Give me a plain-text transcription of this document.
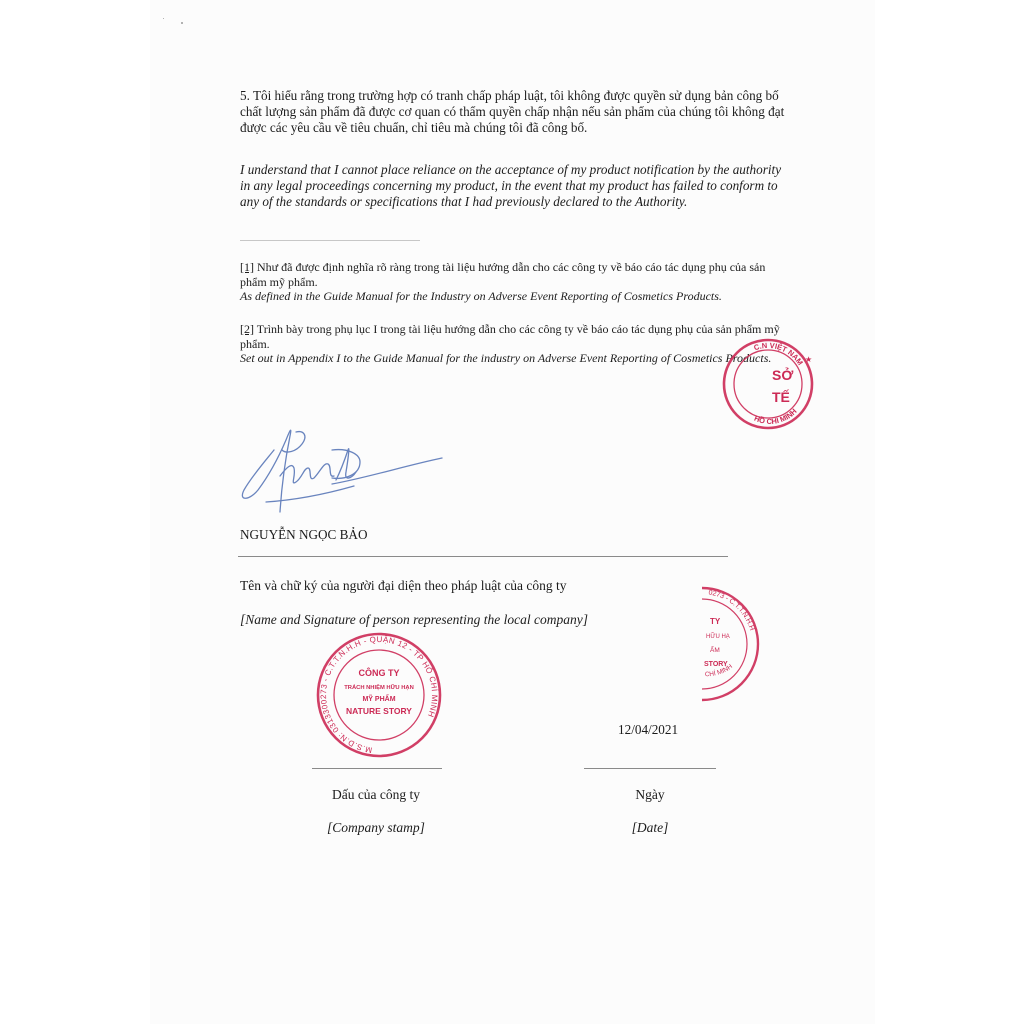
5. Tôi hiểu rằng trong trường hợp có tranh chấp pháp luật, tôi không được quyền sử dụng bản công bố chất lượng sản phẩm đã được cơ quan có thẩm quyền chấp nhận nếu sản phẩm của chúng tôi không đạt được các yêu cầu về tiêu chuẩn, chỉ tiêu mà chúng tôi đã công bố.

I understand that I cannot place reliance on the acceptance of my product notification by the authority in any legal proceedings concerning my product, in the event that my product has failed to conform to any of the standards or specifications that I had previously declared to the Authority.

[1] Như đã được định nghĩa rõ ràng trong tài liệu hướng dẫn cho các công ty về báo cáo tác dụng phụ của sản phẩm mỹ phẩm.

As defined in the Guide Manual for the Industry on Adverse Event Reporting of Cosmetics Products.

[2] Trình bày trong phụ lục I trong tài liệu hướng dẫn cho các công ty về báo cáo tác dụng phụ của sản phẩm mỹ phẩm.

Set out in Appendix I to the Guide Manual for the industry on Adverse Event Reporting of Cosmetics Products.

C.N VIỆT NAM
HỒ CHÍ MINH
SỞ
TẾ
★
NGUYỄN NGỌC BẢO
Tên và chữ ký của người đại diện theo pháp luật của công ty
[Name and Signature of person representing the local company]
0273 - C.T.T.N.H.H
TY
HỮU HẠ
ẨM
STORY
CHÍ MINH
M.S.D.N: 0313300273 - C.T.T.N.H.H - QUẬN 12 - TP HỒ CHÍ MINH
CÔNG TY
TRÁCH NHIỆM HỮU HẠN
MỸ PHẨM
NATURE STORY
12/04/2021
Dấu của công ty
[Company stamp]
Ngày
[Date]
